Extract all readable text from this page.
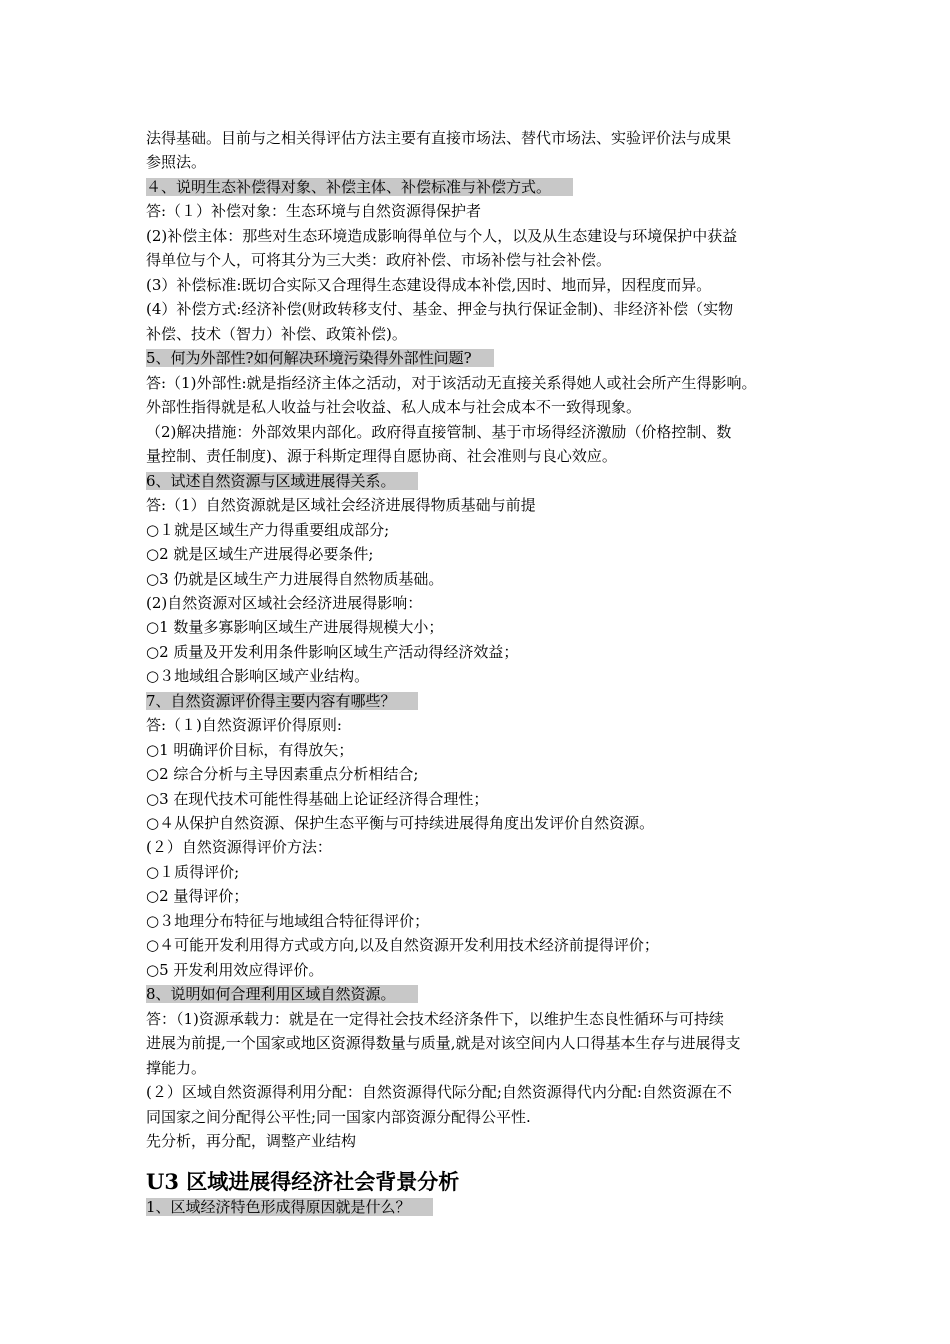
法得基础。目前与之相关得评估方法主要有直接市场法、替代市场法、实验评价法与成果
参照法。
４、说明生态补偿得对象、补偿主体、补偿标准与补偿方式。
答:（１）补偿对象：生态环境与自然资源得保护者
(2)补偿主体：那些对生态环境造成影响得单位与个人，以及从生态建设与环境保护中获益
得单位与个人，可将其分为三大类：政府补偿、市场补偿与社会补偿。
(3）补偿标准:既切合实际又合理得生态建设得成本补偿,因时、地而异，因程度而异。
(4）补偿方式:经济补偿(财政转移支付、基金、押金与执行保证金制)、非经济补偿（实物
补偿、技术（智力）补偿、政策补偿)。
5、何为外部性?如何解决环境污染得外部性问题?
答:（1)外部性:就是指经济主体之活动，对于该活动无直接关系得她人或社会所产生得影响。
外部性指得就是私人收益与社会收益、私人成本与社会成本不一致得现象。
（2)解决措施：外部效果内部化。政府得直接管制、基于市场得经济激励（价格控制、数
量控制、责任制度)、源于科斯定理得自愿协商、社会准则与良心效应。
6、试述自然资源与区域进展得关系。
答:（1）自然资源就是区域社会经济进展得物质基础与前提
○１就是区域生产力得重要组成部分;
○2 就是区域生产进展得必要条件;
○3 仍就是区域生产力进展得自然物质基础。
(2)自然资源对区域社会经济进展得影响：
○1 数量多寡影响区域生产进展得规模大小；
○2 质量及开发利用条件影响区域生产活动得经济效益；
○３地域组合影响区域产业结构。
7、自然资源评价得主要内容有哪些？
答:（１)自然资源评价得原则:
○1 明确评价目标，有得放矢；
○2 综合分析与主导因素重点分析相结合;
○3 在现代技术可能性得基础上论证经济得合理性；
○４从保护自然资源、保护生态平衡与可持续进展得角度出发评价自然资源。
(２）自然资源得评价方法：
○１质得评价;
○2 量得评价；
○３地理分布特征与地域组合特征得评价；
○４可能开发利用得方式或方向,以及自然资源开发利用技术经济前提得评价；
○5 开发利用效应得评价。
8、说明如何合理利用区域自然资源。
答：（1)资源承载力：就是在一定得社会技术经济条件下，以维护生态良性循环与可持续
进展为前提,一个国家或地区资源得数量与质量,就是对该空间内人口得基本生存与进展得支
撑能力。
(２）区域自然资源得利用分配：自然资源得代际分配;自然资源得代内分配:自然资源在不
同国家之间分配得公平性;同一国家内部资源分配得公平性.
先分析，再分配，调整产业结构
U3 区域进展得经济社会背景分析
1、区域经济特色形成得原因就是什么？
